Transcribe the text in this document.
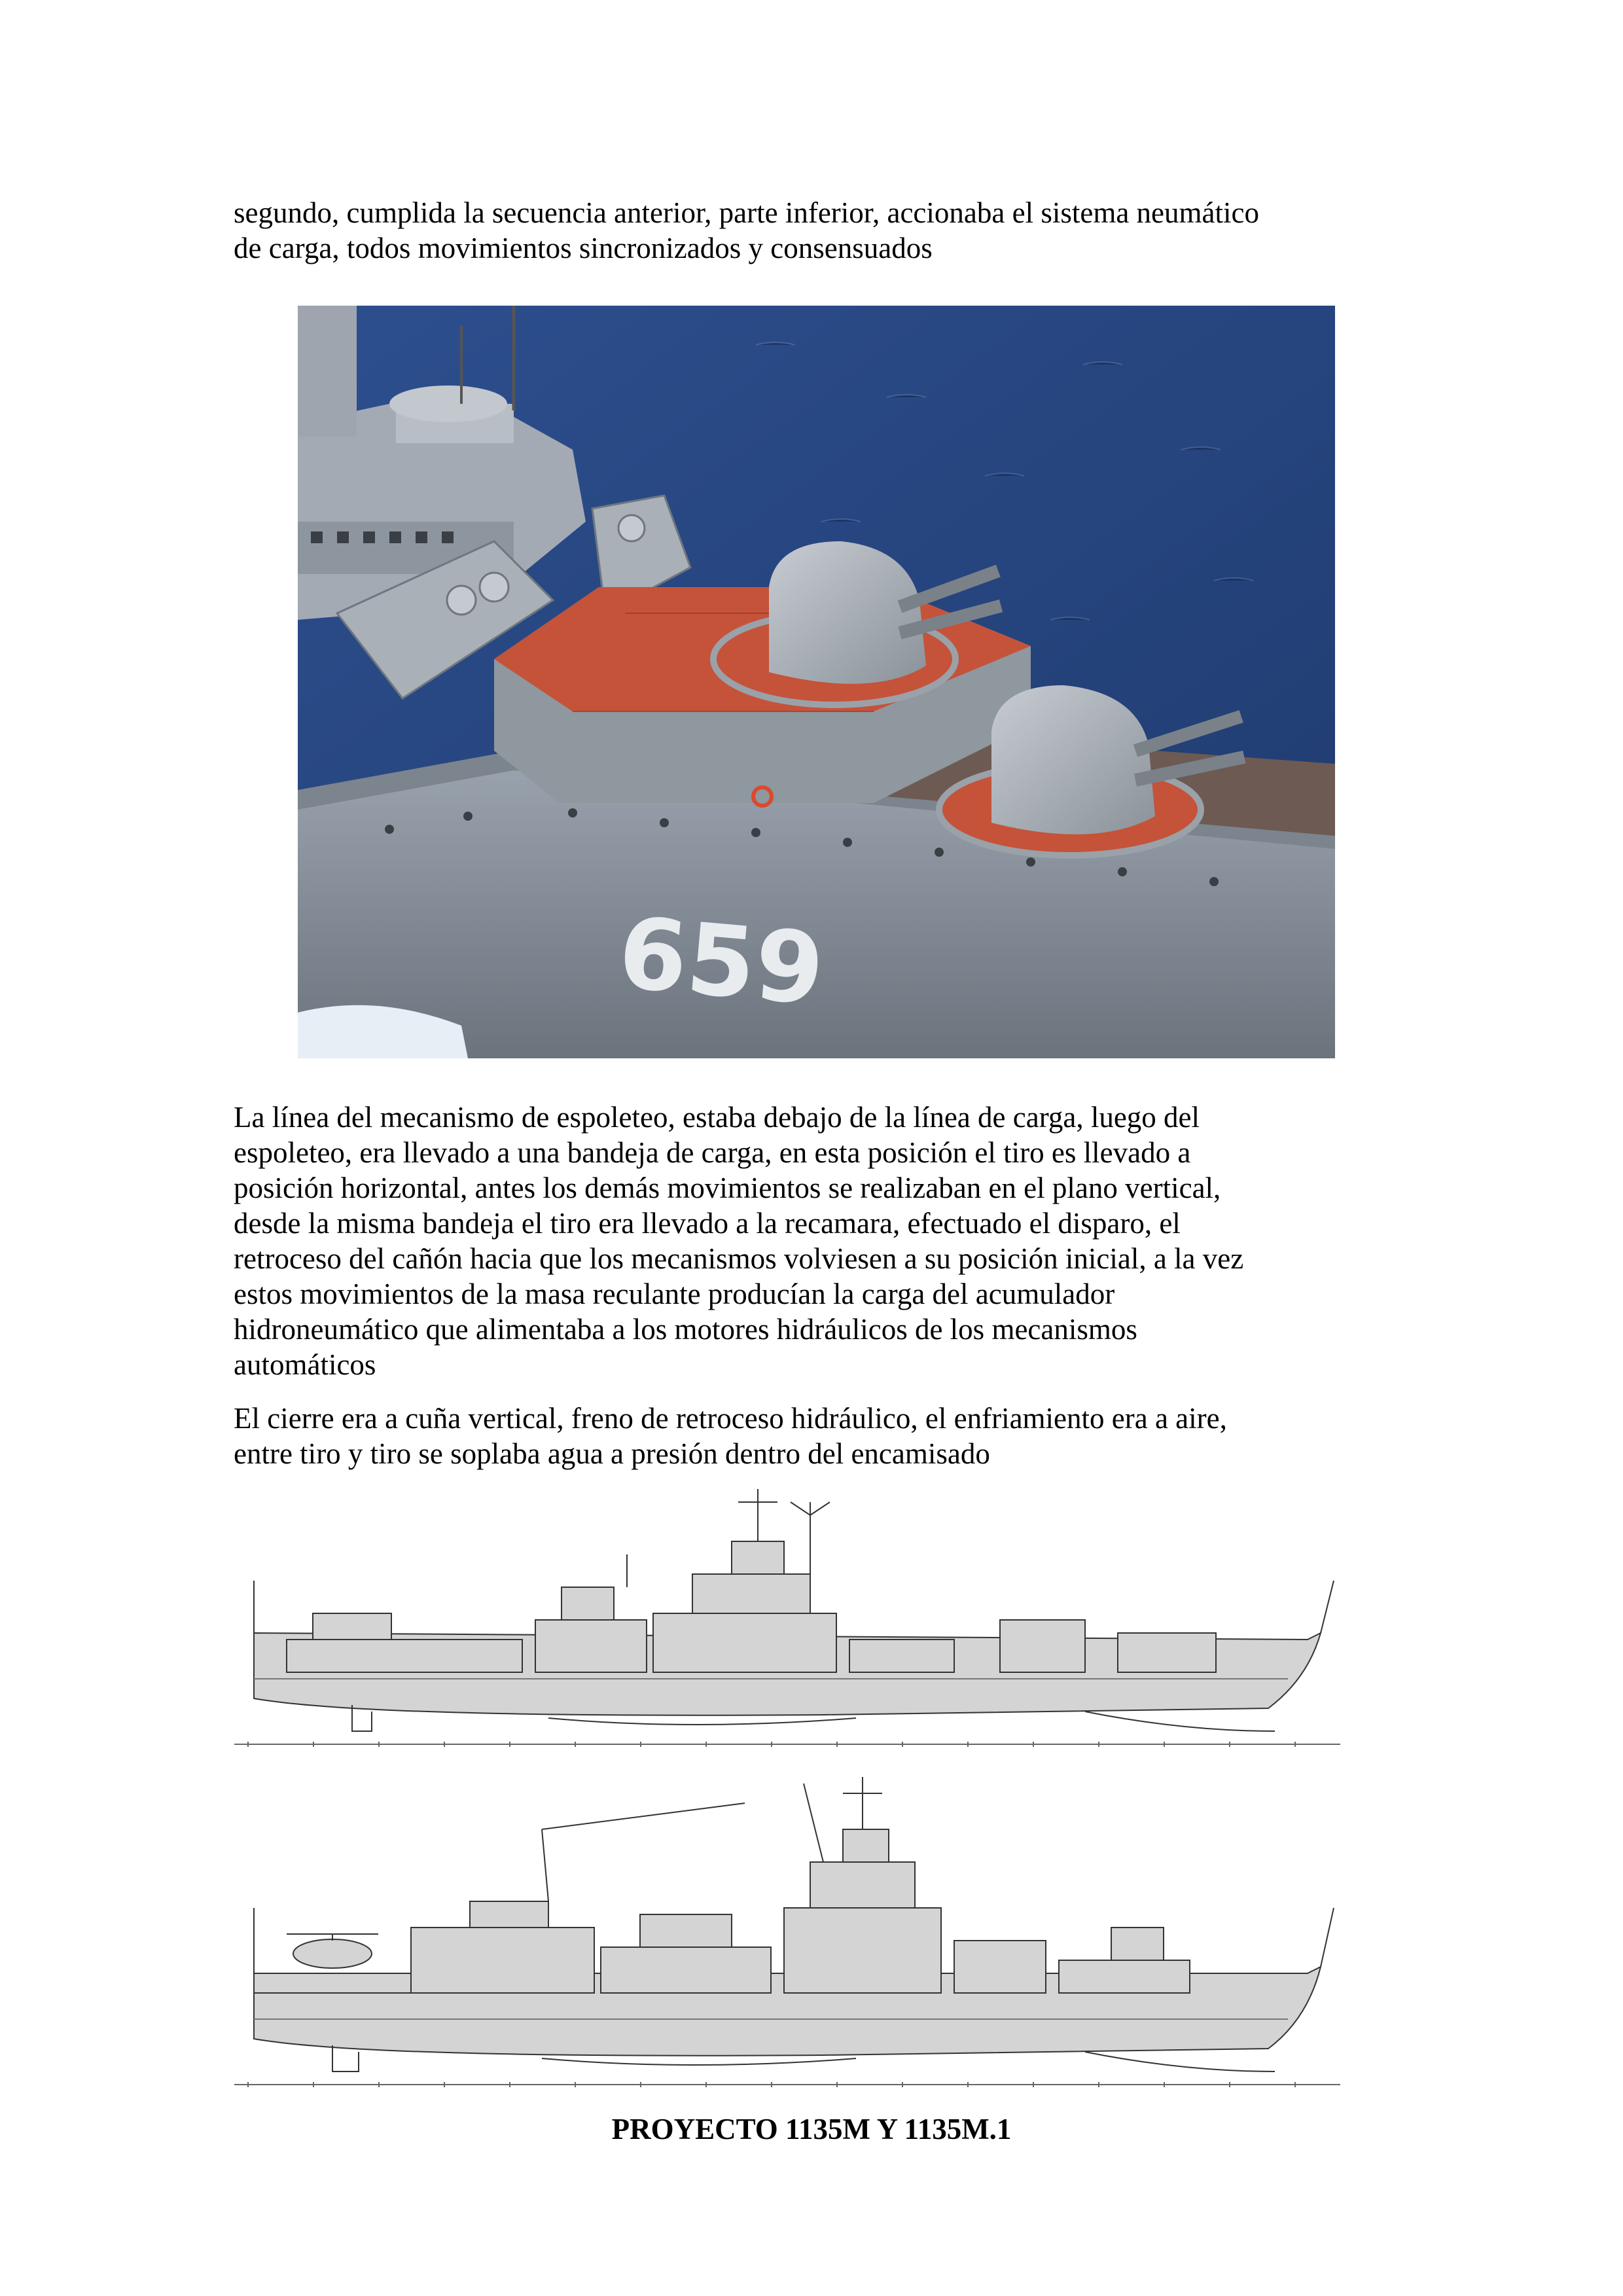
segundo, cumplida la secuencia anterior, parte inferior, accionaba el sistema neumático
de carga, todos movimientos sincronizados y consensuados

659

La línea del mecanismo de espoleteo, estaba debajo de la línea de carga, luego del
espoleteo, era llevado a una bandeja de carga, en esta posición el tiro es llevado a
posición horizontal, antes los demás movimientos se realizaban en el plano vertical,
desde la misma bandeja el tiro era llevado a la recamara, efectuado el disparo, el
retroceso del cañón hacia que los mecanismos volviesen a su posición inicial, a la vez
estos movimientos de la masa reculante producían la carga del acumulador
hidroneumático que alimentaba a los motores hidráulicos de los mecanismos
automáticos

El cierre era a cuña vertical, freno de retroceso hidráulico, el enfriamiento era a aire,
entre tiro y tiro se soplaba agua a presión dentro del encamisado

PROYECTO 1135M Y 1135M.1
